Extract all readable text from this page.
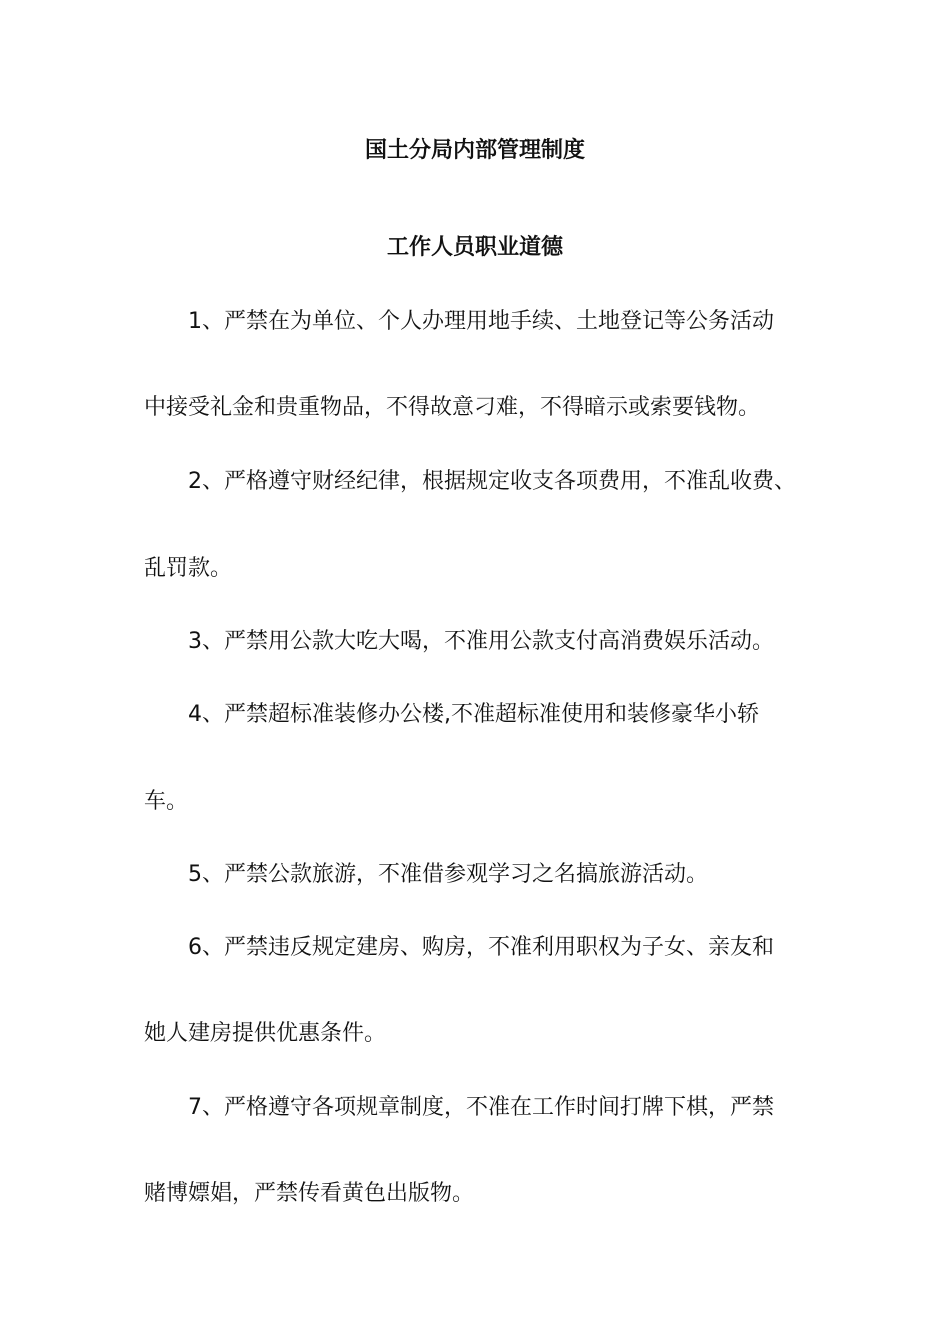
国土分局内部管理制度
工作人员职业道德
1、严禁在为单位、个人办理用地手续、土地登记等公务活动
中接受礼金和贵重物品，不得故意刁难，不得暗示或索要钱物。
2、严格遵守财经纪律，根据规定收支各项费用，不准乱收费、
乱罚款。
3、严禁用公款大吃大喝，不准用公款支付高消费娱乐活动。
4、严禁超标准装修办公楼,不准超标准使用和装修豪华小轿
车。
5、严禁公款旅游，不准借参观学习之名搞旅游活动。
6、严禁违反规定建房、购房，不准利用职权为子女、亲友和
她人建房提供优惠条件。
7、严格遵守各项规章制度，不准在工作时间打牌下棋，严禁
赌博嫖娼，严禁传看黄色出版物。
